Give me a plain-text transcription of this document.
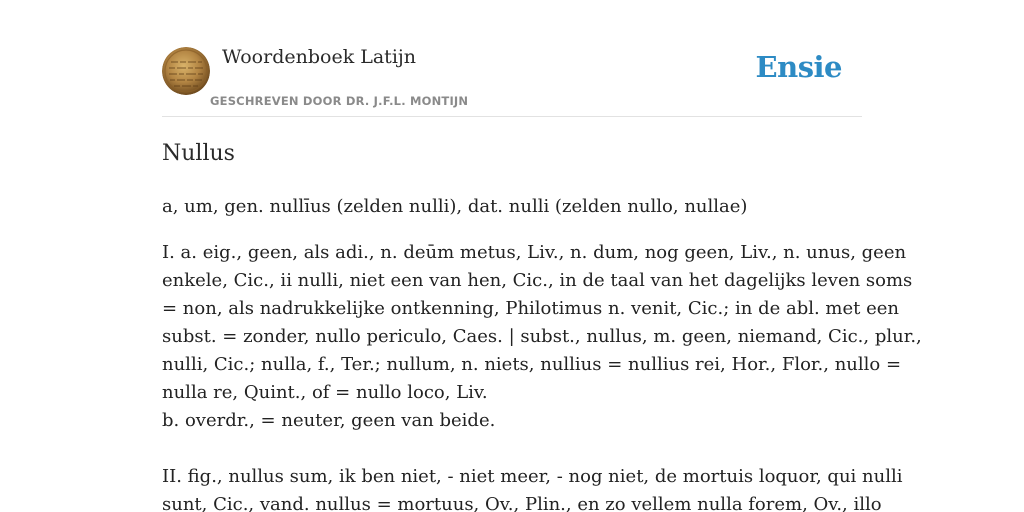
Woordenboek Latijn
GESCHREVEN DOOR DR. J.F.L. MONTIJN
Ensie
Nullus
a, um, gen. nullīus (zelden nulli), dat. nulli (zelden nullo, nullae)
I. a. eig., geen, als adi., n. deūm metus, Liv., n. dum, nog geen, Liv., n. unus, geen
enkele, Cic., ii nulli, niet een van hen, Cic., in de taal van het dagelijks leven soms
= non, als nadrukkelijke ontkenning, Philotimus n. venit, Cic.; in de abl. met een
subst. = zonder, nullo periculo, Caes. | subst., nullus, m. geen, niemand, Cic., plur.,
nulli, Cic.; nulla, f., Ter.; nullum, n. niets, nullius = nullius rei, Hor., Flor., nullo =
nulla re, Quint., of = nullo loco, Liv.
b. overdr., = neuter, geen van beide.
II. fig., nullus sum, ik ben niet, - niet meer, - nog niet, de mortuis loquor, qui nulli
sunt, Cic., vand. nullus = mortuus, Ov., Plin., en zo vellem nulla forem, Ov., illo
